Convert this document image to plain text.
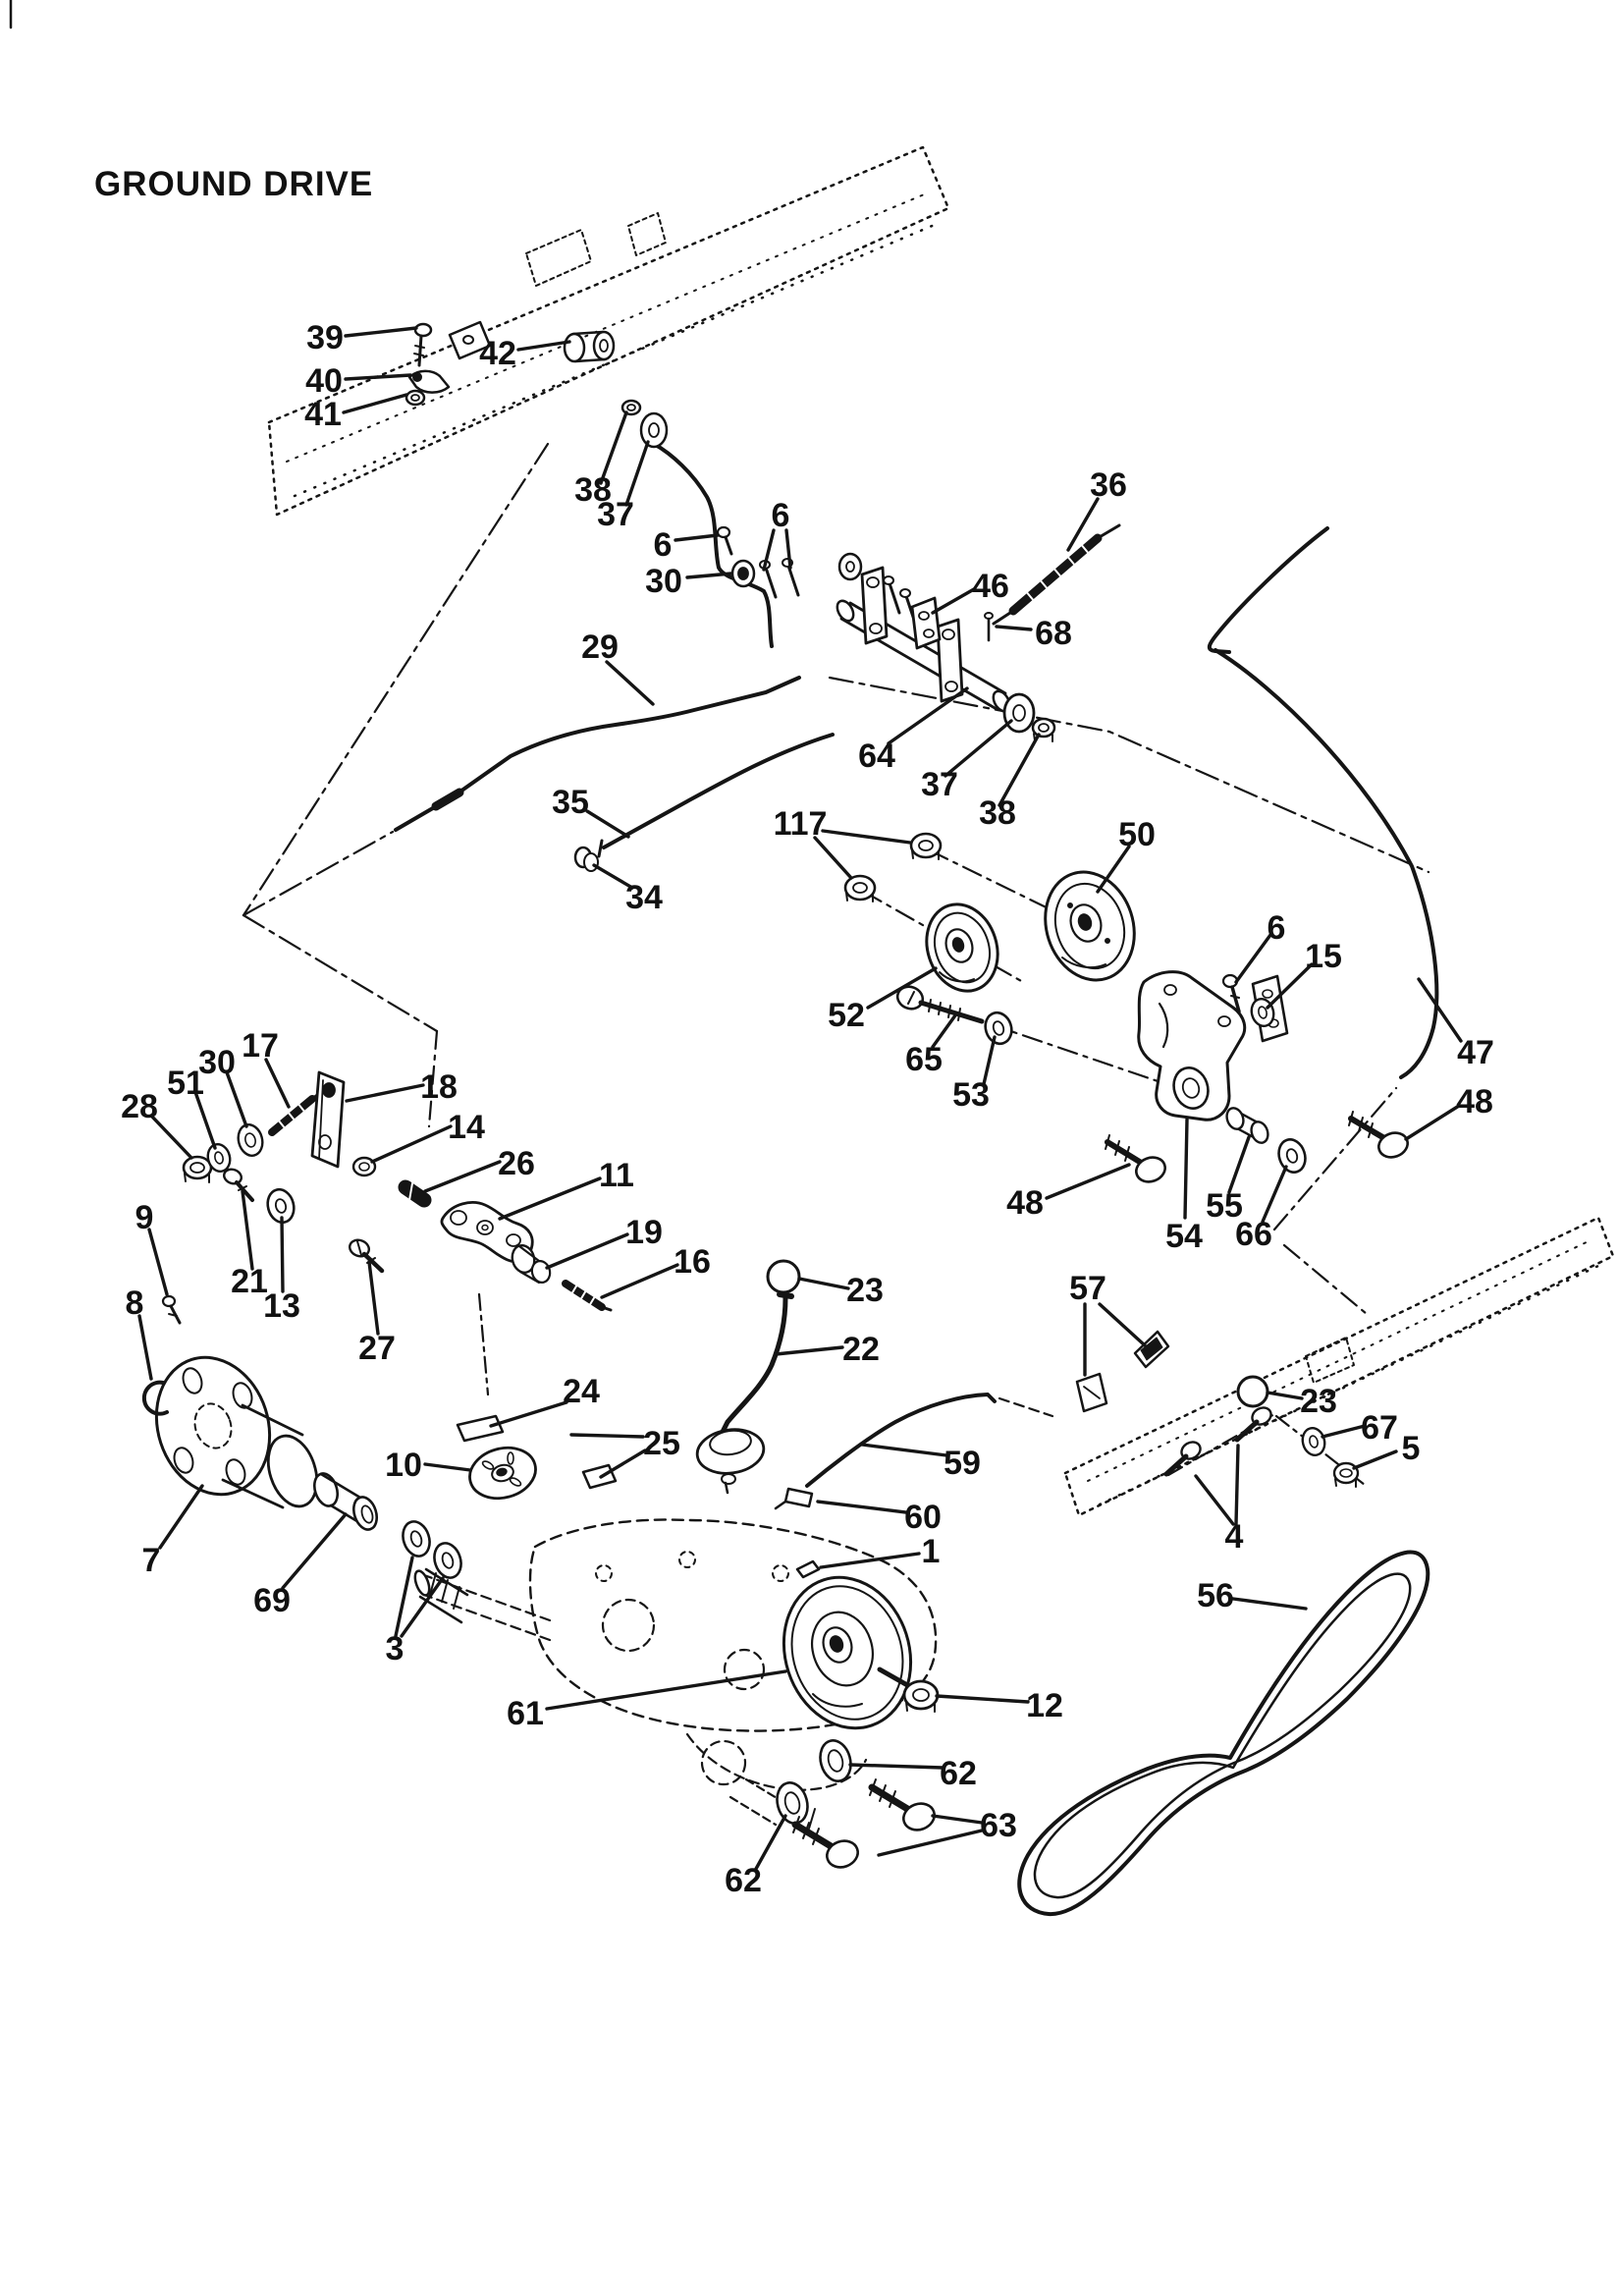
GROUND DRIVE
39
40
41
42
38
37
6
30
6
46
68
36
29
64
37
38
35
34
117	50
52
65
53
6
15
47
48
48
54
55
66
57
23
22
59
60
1
23
67
5
4
61	12
62
62
63
56
7
69
3
10
24
25
11
19
16
26
14
18
17
30
51
28
9
8
21
13
27
